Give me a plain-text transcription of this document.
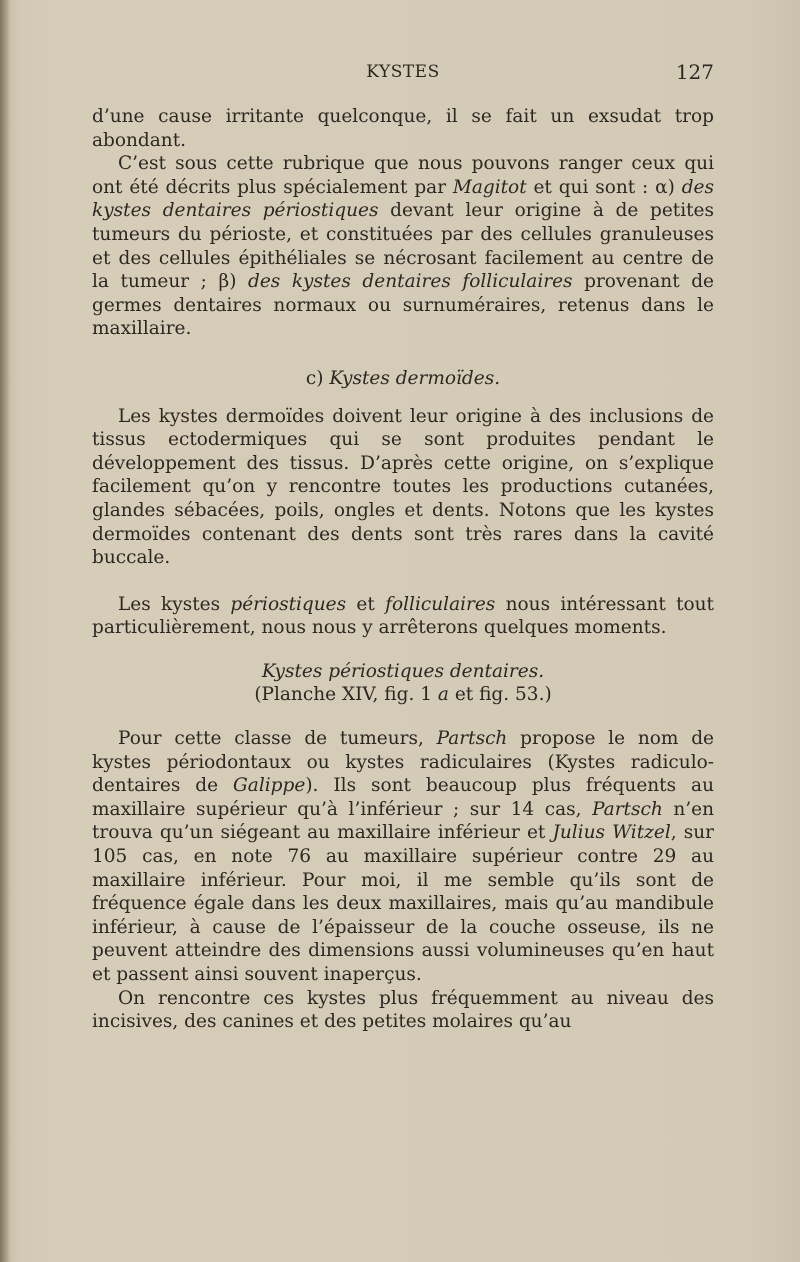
KYSTES	127

d’une cause irritante quelconque, il se fait un exsudat trop abondant.

C’est sous cette rubrique que nous pouvons ranger ceux qui ont été décrits plus spécialement par Magitot et qui sont : α) des kystes dentaires périostiques devant leur origine à de petites tumeurs du périoste, et constituées par des cellules granuleuses et des cellules épithéliales se nécrosant facilement au centre de la tumeur ; β) des kystes dentaires folliculaires provenant de germes dentaires normaux ou surnuméraires, retenus dans le maxillaire.

c) Kystes dermoïdes.

Les kystes dermoïdes doivent leur origine à des inclusions de tissus ectodermiques qui se sont produites pendant le développement des tissus. D’après cette origine, on s’explique facilement qu’on y rencontre toutes les productions cutanées, glandes sébacées, poils, ongles et dents. Notons que les kystes dermoïdes contenant des dents sont très rares dans la cavité buccale.

Les kystes périostiques et folliculaires nous intéressant tout particulièrement, nous nous y arrêterons quelques moments.

Kystes périostiques dentaires.

(Planche XIV, fig. 1 a et fig. 53.)

Pour cette classe de tumeurs, Partsch propose le nom de kystes périodontaux ou kystes radiculaires (Kystes radiculo-dentaires de Galippe). Ils sont beaucoup plus fréquents au maxillaire supérieur qu’à l’inférieur ; sur 14 cas, Partsch n’en trouva qu’un siégeant au maxillaire inférieur et Julius Witzel, sur 105 cas, en note 76 au maxillaire supérieur contre 29 au maxillaire inférieur. Pour moi, il me semble qu’ils sont de fréquence égale dans les deux maxillaires, mais qu’au mandibule inférieur, à cause de l’épaisseur de la couche osseuse, ils ne peuvent atteindre des dimensions aussi volumineuses qu’en haut et passent ainsi souvent inaperçus.

On rencontre ces kystes plus fréquemment au niveau des incisives, des canines et des petites molaires qu’au
